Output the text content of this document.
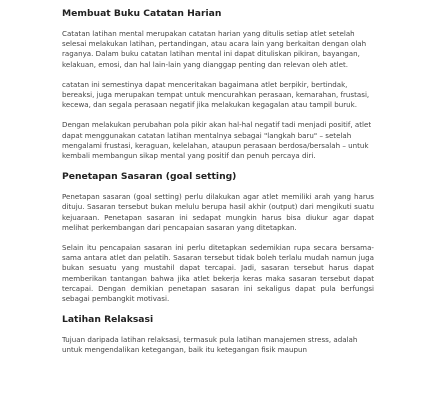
Membuat Buku Catatan Harian

Catatan latihan mental merupakan catatan harian yang ditulis setiap atlet setelah selesai melakukan latihan, pertandingan, atau acara lain yang berkaitan dengan olah raganya. Dalam buku catatan latihan mental ini dapat dituliskan pikiran, bayangan, kelakuan, emosi, dan hal lain-lain yang dianggap penting dan relevan oleh atlet.

catatan ini semestinya dapat menceritakan bagaimana atlet berpikir, bertindak, bereaksi, juga merupakan tempat untuk mencurahkan perasaan, kemarahan, frustasi, kecewa, dan segala perasaan negatif jika melakukan kegagalan atau tampil buruk.

Dengan melakukan perubahan pola pikir akan hal-hal negatif tadi menjadi positif, atlet dapat menggunakan catatan latihan mentalnya sebagai "langkah baru" – setelah mengalami frustasi, keraguan, kelelahan, ataupun perasaan berdosa/bersalah – untuk kembali membangun sikap mental yang positif dan penuh percaya diri.

Penetapan Sasaran (goal setting)

Penetapan sasaran (goal setting) perlu dilakukan agar atlet memiliki arah yang harus dituju. Sasaran tersebut bukan melulu berupa hasil akhir (output) dari mengikuti suatu kejuaraan. Penetapan sasaran ini sedapat mungkin harus bisa diukur agar dapat melihat perkembangan dari pencapaian sasaran yang ditetapkan.

Selain itu pencapaian sasaran ini perlu ditetapkan sedemikian rupa secara bersama-sama antara atlet dan pelatih. Sasaran tersebut tidak boleh terlalu mudah namun juga bukan sesuatu yang mustahil dapat tercapai. Jadi, sasaran tersebut harus dapat memberikan tantangan bahwa jika atlet bekerja keras maka sasaran tersebut dapat tercapai. Dengan demikian penetapan sasaran ini sekaligus dapat pula berfungsi sebagai pembangkit motivasi.

Latihan Relaksasi

Tujuan daripada latihan relaksasi, termasuk pula latihan manajemen stress, adalah untuk mengendalikan ketegangan, baik itu ketegangan fisik maupun
